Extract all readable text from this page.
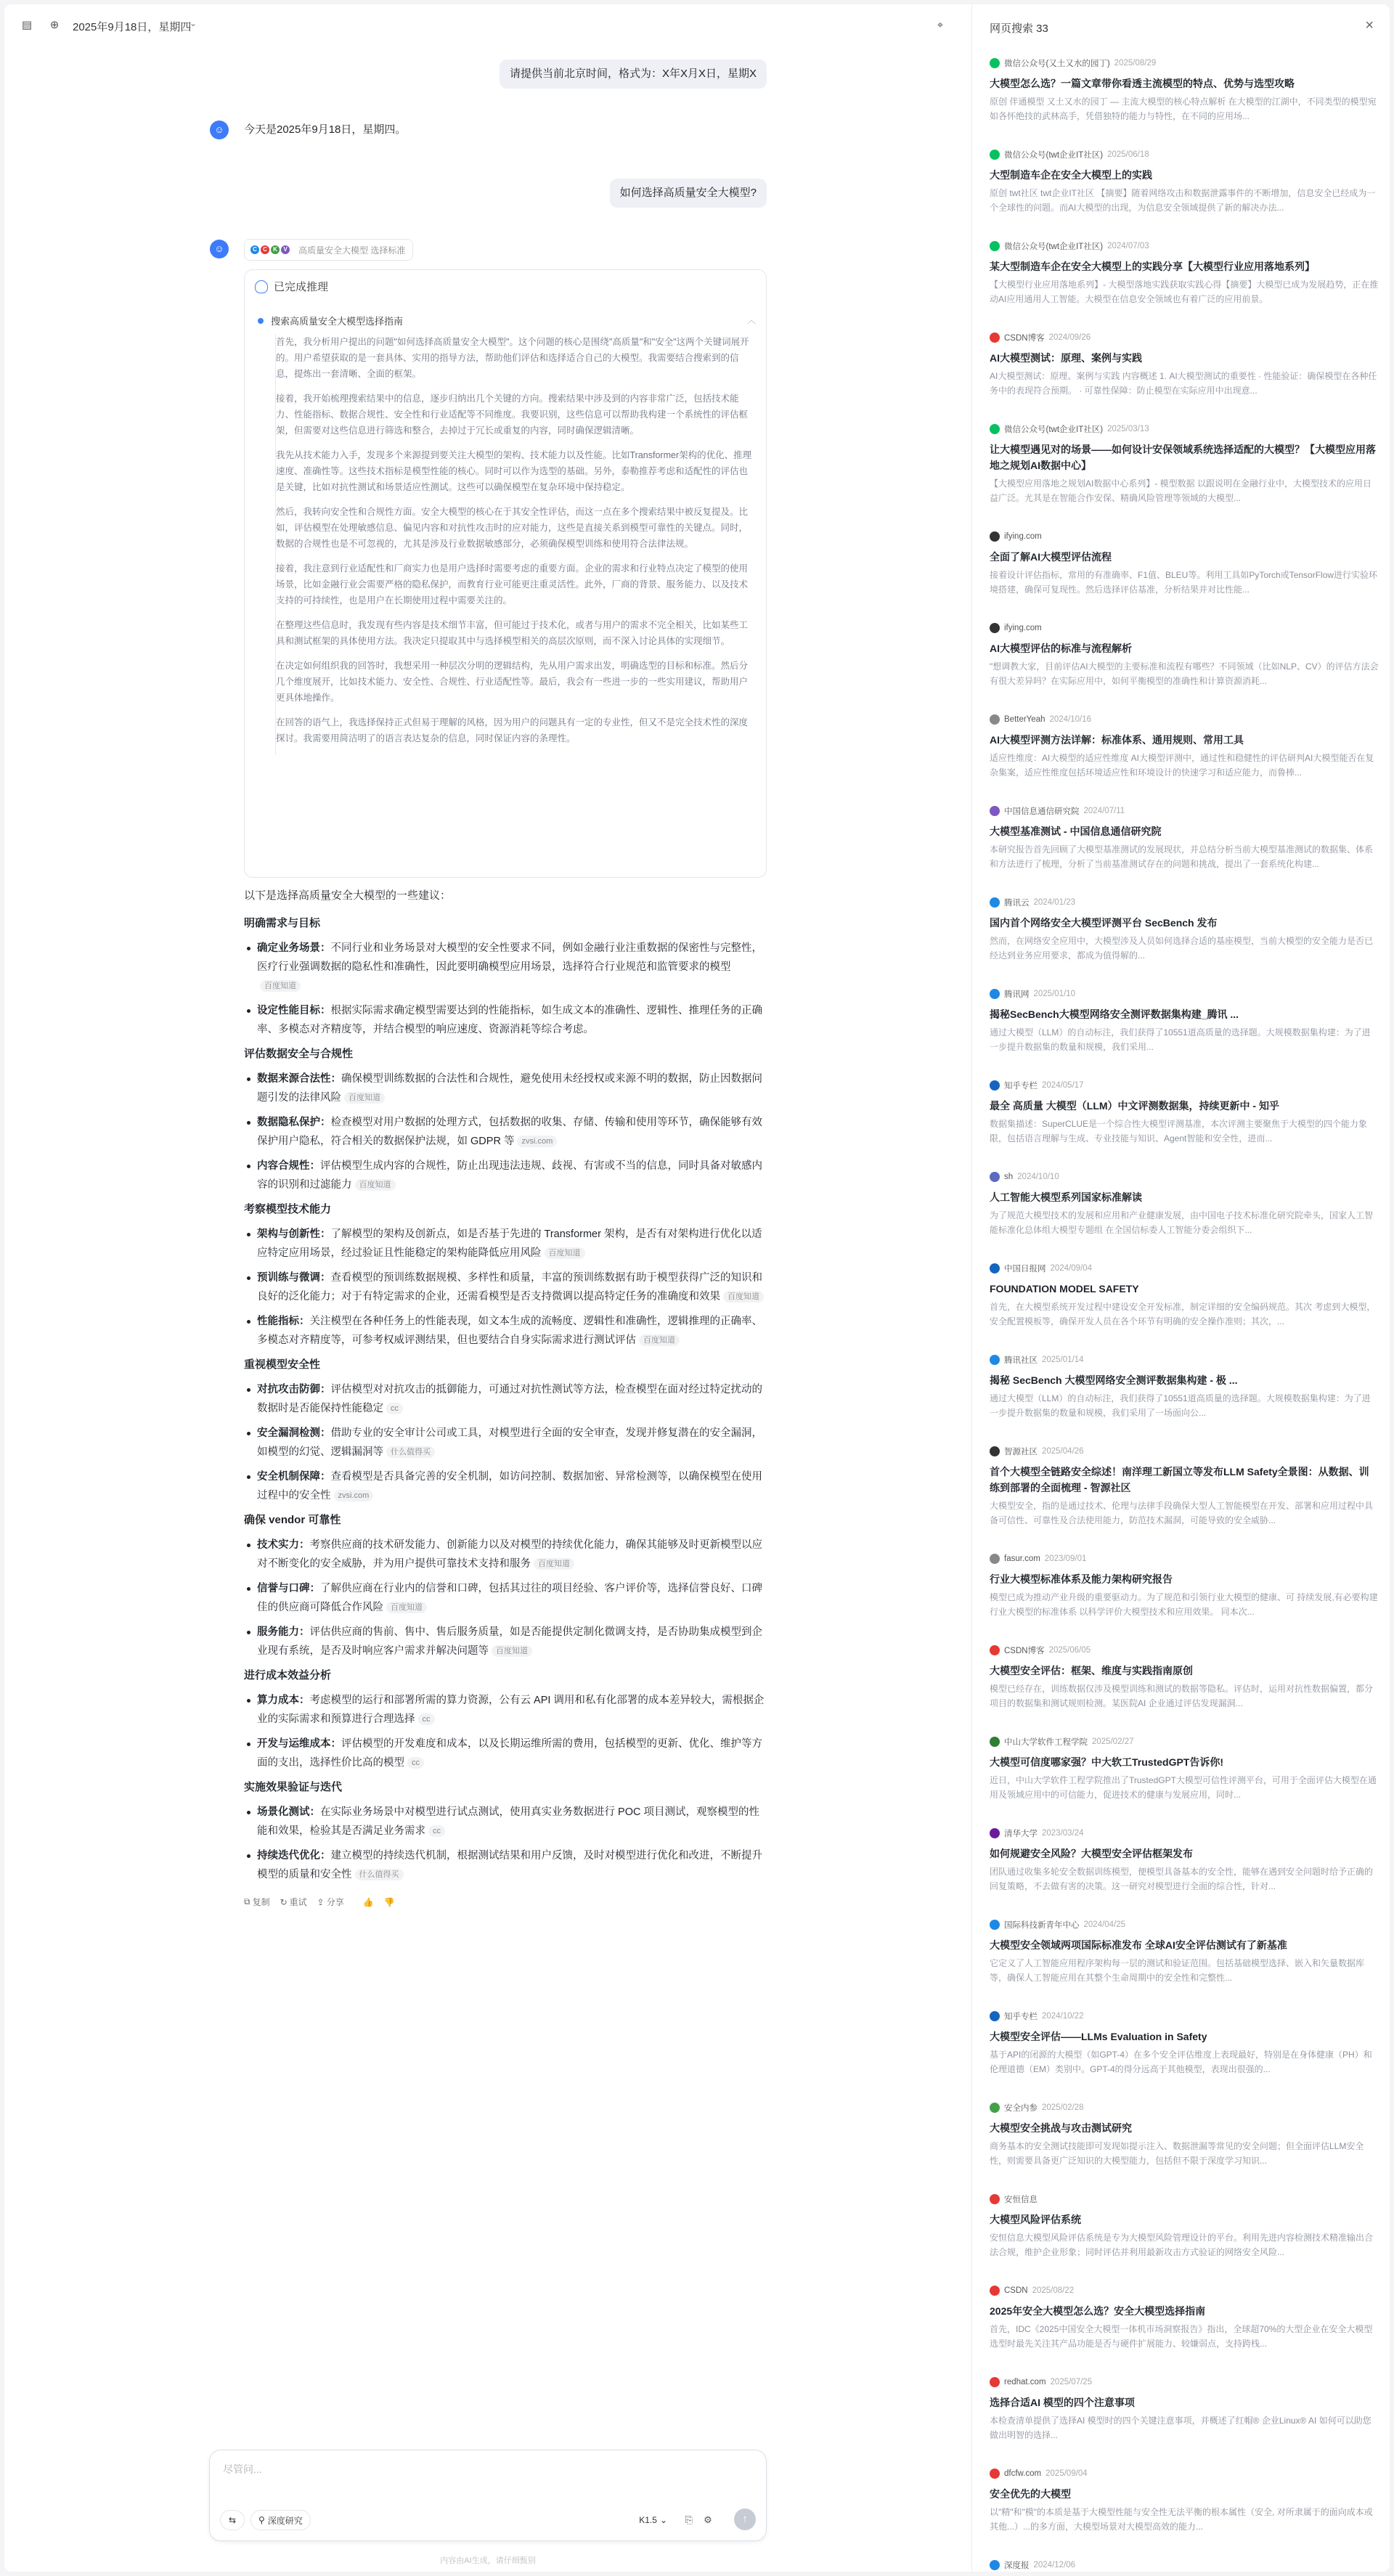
▤ ⊕ 2025年9月18日，星期四
⌄	⌖
请提供当前北京时间，格式为：X年X月X日，星期X
☺	今天是2025年9月18日，星期四。
如何选择高质量安全大模型?
☺	C	C	K	V 高质量安全大模型 选择标准
已完成推理
搜索高质量安全大模型选择指南	︿

首先，我分析用户提出的问题"如何选择高质量安全大模型"。这个问题的核心是围绕"高质量"和"安全"这两个关键词展开的。用户希望获取的是一套具体、实用的指导方法，帮助他们评估和选择适合自己的大模型。我需要结合搜索到的信息，提炼出一套清晰、全面的框架。

接着，我开始梳理搜索结果中的信息，逐步归纳出几个关键的方向。搜索结果中涉及到的内容非常广泛，包括技术能力、性能指标、数据合规性、安全性和行业适配等不同维度。我要识别，这些信息可以帮助我构建一个系统性的评估框架，但需要对这些信息进行筛选和整合，去掉过于冗长或重复的内容，同时确保逻辑清晰。

我先从技术能力入手，发现多个来源提到要关注大模型的架构、技术能力以及性能。比如Transformer架构的优化、推理速度、准确性等。这些技术指标是模型性能的核心。同时可以作为选型的基础。另外，泰勒推荐考虑和适配性的评估也是关键，比如对抗性测试和场景适应性测试。这些可以确保模型在复杂环境中保持稳定。

然后，我转向安全性和合规性方面。安全大模型的核心在于其安全性评估，而这一点在多个搜索结果中被反复提及。比如，评估模型在处理敏感信息、偏见内容和对抗性攻击时的应对能力，这些是直接关系到模型可靠性的关键点。同时，数据的合规性也是不可忽视的，尤其是涉及行业数据敏感部分，必须确保模型训练和使用符合法律法规。

接着，我注意到行业适配性和厂商实力也是用户选择时需要考虑的重要方面。企业的需求和行业特点决定了模型的使用场景，比如金融行业会需要严格的隐私保护，而教育行业可能更注重灵活性。此外，厂商的背景、服务能力、以及技术支持的可持续性，也是用户在长期使用过程中需要关注的。

在整理这些信息时，我发现有些内容是技术细节丰富，但可能过于技术化，或者与用户的需求不完全相关，比如某些工具和测试框架的具体使用方法。我决定只提取其中与选择模型相关的高层次原则，而不深入讨论具体的实现细节。

在决定如何组织我的回答时，我想采用一种层次分明的逻辑结构，先从用户需求出发，明确选型的目标和标准。然后分几个维度展开，比如技术能力、安全性、合规性、行业适配性等。最后，我会有一些进一步的一些实用建议，帮助用户更具体地操作。

在回答的语气上，我选择保持正式但易于理解的风格，因为用户的问题具有一定的专业性，但又不是完全技术性的深度探讨。我需要用简洁明了的语言表达复杂的信息，同时保证内容的条理性。

以下是选择高质量安全大模型的一些建议：
明确需求与目标
确定业务场景：不同行业和业务场景对大模型的安全性要求不同，例如金融行业注重数据的保密性与完整性，医疗行业强调数据的隐私性和准确性，因此要明确模型应用场景，选择符合行业规范和监管要求的模型百度知道
设定性能目标：根据实际需求确定模型需要达到的性能指标，如生成文本的准确性、逻辑性、推理任务的正确率、多模态对齐精度等，并结合模型的响应速度、资源消耗等综合考虑。
评估数据安全与合规性
数据来源合法性：确保模型训练数据的合法性和合规性，避免使用未经授权或来源不明的数据，防止因数据问题引发的法律风险 百度知道
数据隐私保护：检查模型对用户数据的处理方式，包括数据的收集、存储、传输和使用等环节，确保能够有效保护用户隐私，符合相关的数据保护法规，如 GDPR 等 zvsi.com
内容合规性：评估模型生成内容的合规性，防止出现违法违规、歧视、有害或不当的信息，同时具备对敏感内容的识别和过滤能力 百度知道
考察模型技术能力
架构与创新性：了解模型的架构及创新点，如是否基于先进的 Transformer 架构，是否有对架构进行优化以适应特定应用场景，经过验证且性能稳定的架构能降低应用风险 百度知道
预训练与微调：查看模型的预训练数据规模、多样性和质量，丰富的预训练数据有助于模型获得广泛的知识和良好的泛化能力；对于有特定需求的企业，还需看模型是否支持微调以提高特定任务的准确度和效果 百度知道
性能指标：关注模型在各种任务上的性能表现，如文本生成的流畅度、逻辑性和准确性，逻辑推理的正确率、多模态对齐精度等，可参考权威评测结果，但也要结合自身实际需求进行测试评估 百度知道
重视模型安全性
对抗攻击防御：评估模型对对抗攻击的抵御能力，可通过对抗性测试等方法，检查模型在面对经过特定扰动的数据时是否能保持性能稳定 cc
安全漏洞检测：借助专业的安全审计公司或工具，对模型进行全面的安全审查，发现并修复潜在的安全漏洞，如模型的幻觉、逻辑漏洞等 什么值得买
安全机制保障：查看模型是否具备完善的安全机制，如访问控制、数据加密、异常检测等，以确保模型在使用过程中的安全性 zvsi.com
确保 vendor 可靠性
技术实力：考察供应商的技术研发能力、创新能力以及对模型的持续优化能力，确保其能够及时更新模型以应对不断变化的安全威胁，并为用户提供可靠技术支持和服务 百度知道
信誉与口碑：了解供应商在行业内的信誉和口碑，包括其过往的项目经验、客户评价等，选择信誉良好、口碑佳的供应商可降低合作风险 百度知道
服务能力：评估供应商的售前、售中、售后服务质量，如是否能提供定制化微调支持，是否协助集成模型到企业现有系统，是否及时响应客户需求并解决问题等 百度知道
进行成本效益分析
算力成本：考虑模型的运行和部署所需的算力资源，公有云 API 调用和私有化部署的成本差异较大，需根据企业的实际需求和预算进行合理选择 cc
开发与运维成本：评估模型的开发难度和成本，以及长期运维所需的费用，包括模型的更新、优化、维护等方面的支出，选择性价比高的模型 cc
实施效果验证与迭代
场景化测试：在实际业务场景中对模型进行试点测试，使用真实业务数据进行 POC 项目测试，观察模型的性能和效果，检验其是否满足业务需求 cc
持续迭代优化：建立模型的持续迭代机制，根据测试结果和用户反馈，及时对模型进行优化和改进，不断提升模型的质量和安全性 什么值得买
⧉ 复制 ↻ 重试 ⇪ 分享 👍 👎
尽管问...
⇆	⚲ 深度研究	K1.5 ⌄	⎘	⚙	↑
内容由AI生成，请仔细甄别
网页搜索 33	×
微信公众号(又土又水的园丁) 2025/08/29
大模型怎么选？一篇文章带你看透主流模型的特点、优势与选型攻略
原创 伴通模型 又土又水的园丁 — 主流大模型的核心特点解析 在大模型的江湖中，不同类型的模型宛如各怀绝技的武林高手，凭借独特的能力与特性，在不同的应用场...
微信公众号(twt企业IT社区) 2025/06/18
大型制造车企在安全大模型上的实践
原创 twt社区 twt企业IT社区 【摘要】随着网络攻击和数据泄露事件的不断增加，信息安全已经成为一个全球性的问题。而AI大模型的出现，为信息安全领域提供了新的解决办法...
微信公众号(twt企业IT社区) 2024/07/03
某大型制造车企在安全大模型上的实践分享【大模型行业应用落地系列】
【大模型行业应用落地系列】- 大模型落地实践获取实践心得【摘要】大模型已成为发展趋势，正在推动AI应用通用人工智能。大模型在信息安全领域也有着广泛的应用前景。
CSDN博客 2024/09/26
AI大模型测试：原理、案例与实践
AI大模型测试：原理、案例与实践 内容概述 1. AI大模型测试的重要性 · 性能验证：确保模型在各种任务中的表现符合预期。 · 可靠性保障：防止模型在实际应用中出现意...
微信公众号(twt企业IT社区) 2025/03/13
让大模型遇见对的场景——如何设计安保领域系统选择适配的大模型？【大模型应用落地之规划AI数据中心】
【大模型应用落地之规划AI数据中心系列】- 模型数据 以跟说明在金融行业中，大模型技术的应用日益广泛。尤其是在智能合作安保、精确风险管理等领域的大模型...
ifying.com
全面了解AI大模型评估流程
接着设计评估指标，常用的有准确率、F1值、BLEU等。利用工具如PyTorch或TensorFlow进行实验环境搭建，确保可复现性。然后选择评估基准，分析结果并对比性能...
ifying.com
AI大模型评估的标准与流程解析
"想调教大家，目前评估AI大模型的主要标准和流程有哪些？不同领域（比如NLP、CV）的评估方法会有很大差异吗？在实际应用中，如何平衡模型的准确性和计算资源消耗...
BetterYeah 2024/10/16
AI大模型评测方法详解：标准体系、通用规则、常用工具
适应性维度：AI大模型的适应性维度 AI大模型评测中，通过性和稳健性的评估研判AI大模型能否在复杂集案，适应性维度包括环境适应性和环境设计的快速学习和适应能力，而鲁棒...
中国信息通信研究院 2024/07/11
大模型基准测试 - 中国信息通信研究院
本研究报告首先回顾了大模型基准测试的发展现状，并总结分析当前大模型基准测试的数据集、体系和方法进行了梳理，分析了当前基准测试存在的问题和挑战，提出了一套系统化构建...
腾讯云 2024/01/23
国内首个网络安全大模型评测平台 SecBench 发布
然而，在网络安全应用中，大模型涉及人员如何选择合适的基座模型，当前大模型的安全能力是否已经达到业务应用要求，都成为值得解的...
腾讯网 2025/01/10
揭秘SecBench大模型网络安全测评数据集构建_腾讯 ...
通过大模型（LLM）的自动标注，我们获得了10551道高质量的选择题。大规模数据集构建：为了进一步提升数据集的数量和规模，我们采用...
知乎专栏 2024/05/17
最全 高质量 大模型（LLM）中文评测数据集，持续更新中 - 知乎
数据集描述：SuperCLUE是一个综合性大模型评测基准，本次评测主要聚焦于大模型的四个能力象限，包括语言理解与生成、专业技能与知识、Agent智能和安全性，进而...
sh 2024/10/10
人工智能大模型系列国家标准解读
为了规范大模型技术的发展和应用和产业健康发展，由中国电子技术标准化研究院牵头，国家人工智能标准化总体组大模型专题组 在全国信标委人工智能分委会组织下...
中国日报网 2024/09/04
FOUNDATION MODEL SAFETY
首先，在大模型系统开发过程中建设安全开发标准，制定详细的安全编码规范。其次 考虑到大模型，安全配置模板等，确保开发人员在各个环节有明确的安全操作准则；其次，...
腾讯社区 2025/01/14
揭秘 SecBench 大模型网络安全测评数据集构建 - 极 ...
通过大模型（LLM）的自动标注，我们获得了10551道高质量的选择题。大规模数据集构建：为了进一步提升数据集的数量和规模，我们采用了一场面向公...
智源社区 2025/04/26
首个大模型全链路安全综述！南洋理工新国立等发布LLM Safety全景图：从数据、训练到部署的全面梳理 - 智源社区
大模型安全，指的是通过技术、伦理与法律手段确保大型人工智能模型在开发、部署和应用过程中具备可信性、可靠性及合法使用能力，防范技术漏洞，可能导致的安全威胁...
fasur.com 2023/09/01
行业大模型标准体系及能力架构研究报告
模型已成为推动产业升级的重要驱动力。为了规范和引领行业大模型的健康、可 持续发展,有必要构建行业大模型的标准体系 以科学评价大模型技术和应用效果。 同本次...
CSDN博客 2025/06/05
大模型安全评估：框架、维度与实践指南原创
模型已经存在，训练数据仅涉及模型训练和测试的数据等隐私。评估时，运用对抗性数据偏置，都分项目的数据集和测试规则检测。某医院AI 企业通过评估发现漏洞...
中山大学软件工程学院 2025/02/27
大模型可信度哪家强？中大软工TrustedGPT告诉你!
近日，中山大学软件工程学院推出了TrustedGPT大模型可信性评测平台，可用于全面评估大模型在通用及领域应用中的可信能力，促进技术的健康与发展应用，同时...
清华大学 2023/03/24
如何规避安全风险？大模型安全评估框架发布
团队通过收集多轮安全数据训练模型，便模型具备基本的安全性，能够在遇到安全问题时给予正确的回复策略，不去做有害的决策。这一研究对模型进行全面的综合性，针对...
国际科技新青年中心 2024/04/25
大模型安全领域两项国际标准发布 全球AI安全评估测试有了新基准
它定义了人工智能应用程序架构每一层的测试和验证范围。包括基础模型选择、嵌入和矢量数据库等，确保人工智能应用在其整个生命周期中的安全性和完整性...
知乎专栏 2024/10/22
大模型安全评估——LLMs Evaluation in Safety
基于API的闭源的大模型（如GPT-4）在多个安全评估维度上表现最好，特别是在身体健康（PH）和伦理道德（EM）类别中。GPT-4的得分远高于其他模型，表现出很强的...
安全内参 2025/02/28
大模型安全挑战与攻击测试研究
商务基本的安全测试技能即可发现如提示注入、数据泄漏等常见的安全问题；但全面评估LLM安全性，则需要具备更广泛知识的大模型能力，包括但不限于深度学习知识...
安恒信息
大模型风险评估系统
安恒信息大模型风险评估系统是专为大模型风险管理设计的平台。利用先进内容检测技术精准输出合法合规，维护企业形象；同时评估并利用最新攻击方式验证的网络安全风险...
CSDN 2025/08/22
2025年安全大模型怎么选？安全大模型选择指南
首先，IDC《2025中国安全大模型一体机市场洞察报告》指出，全球超70%的大型企业在安全大模型选型时最先关注其产品功能是否与硬件扩展能力、较嫌弱点，支持跨栈...
redhat.com 2025/07/25
选择合适AI 模型的四个注意事项
本检查清单提供了选择AI 模型时的四个关键注意事项，并概述了红帽® 企业Linux® AI 如何可以助您做出明智的选择...
dfcfw.com 2025/09/04
安全优先的大模型
以"精"和"模"的本质是基于大模型性能与安全性无法平衡的根本属性（安全, 对所隶属于的面向成本或其他...）...的多方面，大模型场景对大模型高效的能力...
深度报 2024/12/06
